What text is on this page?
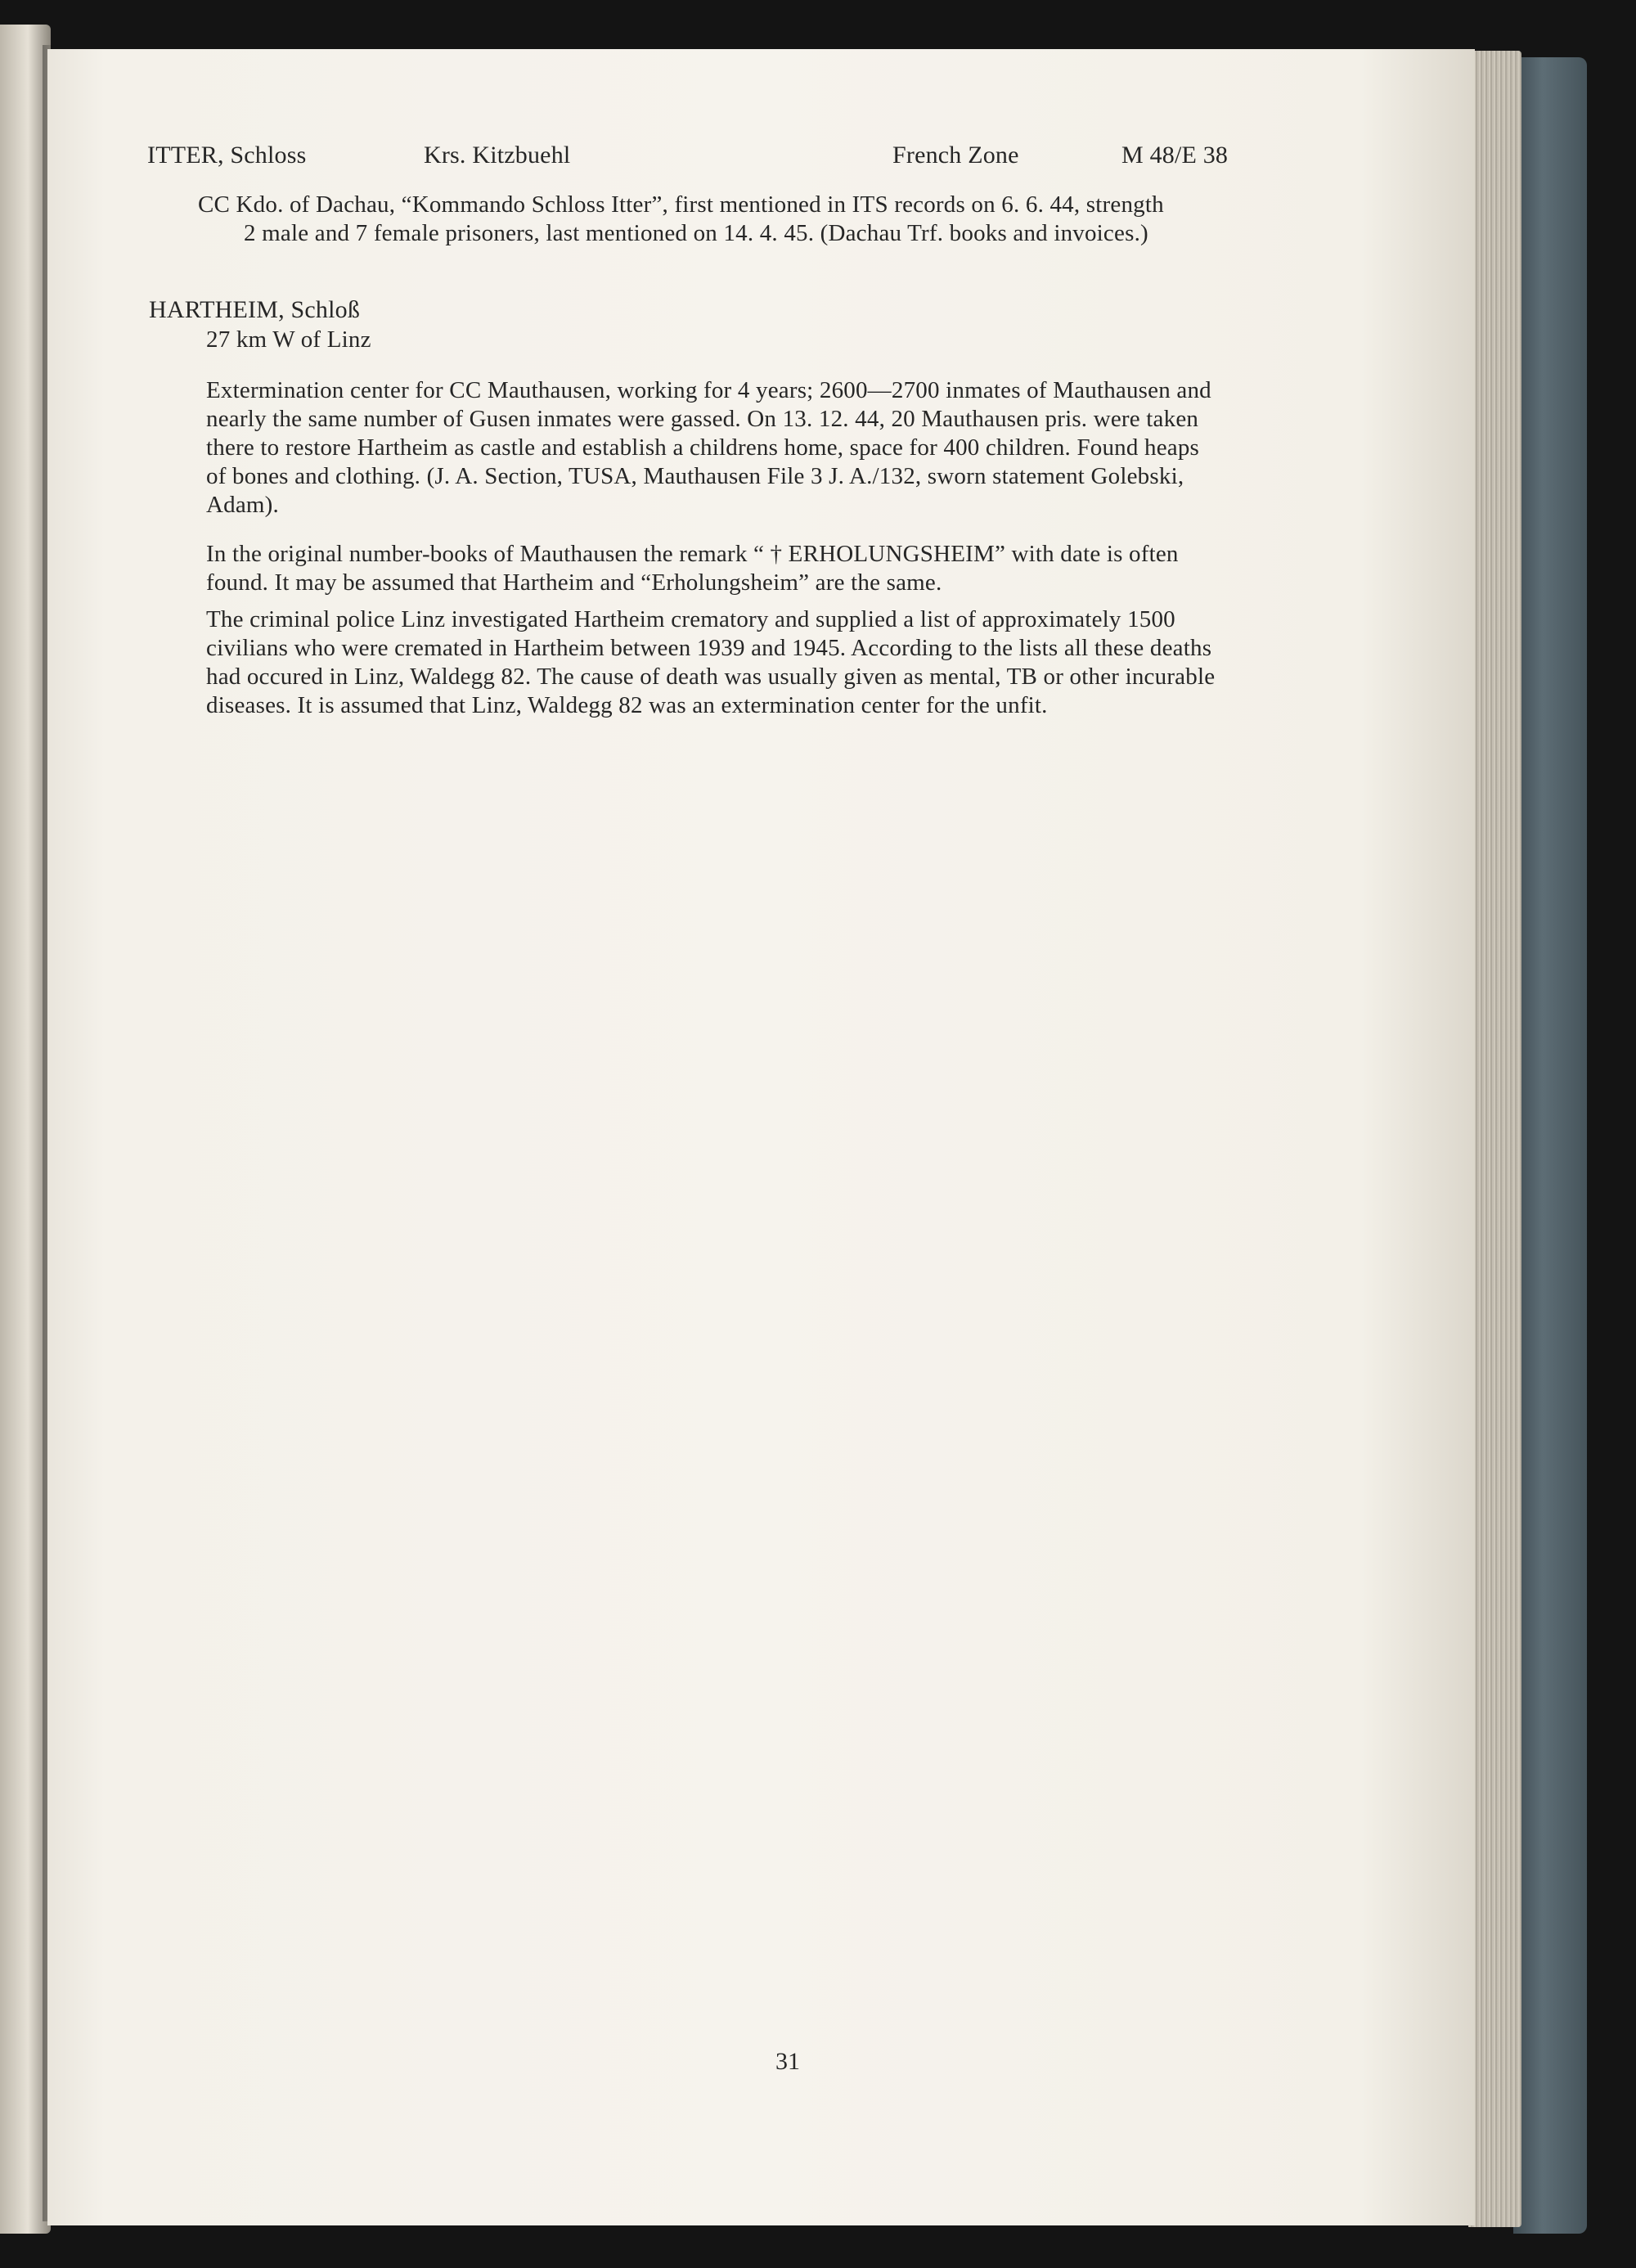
ITTER, Schloss	Krs. Kitzbuehl	French Zone	M 48/E 38
CC Kdo. of Dachau, “Kommando Schloss Itter”, first mentioned in ITS records on 6. 6. 44, strength
2 male and 7 female prisoners, last mentioned on 14. 4. 45. (Dachau Trf. books and invoices.)
HARTHEIM, Schloß
27 km W of Linz
Extermination center for CC Mauthausen, working for 4 years; 2600—2700 inmates of Mauthausen and
nearly the same number of Gusen inmates were gassed. On 13. 12. 44, 20 Mauthausen pris. were taken
there to restore Hartheim as castle and establish a childrens home, space for 400 children. Found heaps
of bones and clothing. (J. A. Section, TUSA, Mauthausen File 3 J. A./132, sworn statement Golebski,
Adam).
In the original number-books of Mauthausen the remark “ † ERHOLUNGSHEIM” with date is often
found. It may be assumed that Hartheim and “Erholungsheim” are the same.
The criminal police Linz investigated Hartheim crematory and supplied a list of approximately 1500
civilians who were cremated in Hartheim between 1939 and 1945. According to the lists all these deaths
had occured in Linz, Waldegg 82. The cause of death was usually given as mental, TB or other incurable
diseases. It is assumed that Linz, Waldegg 82 was an extermination center for the unfit.
31
